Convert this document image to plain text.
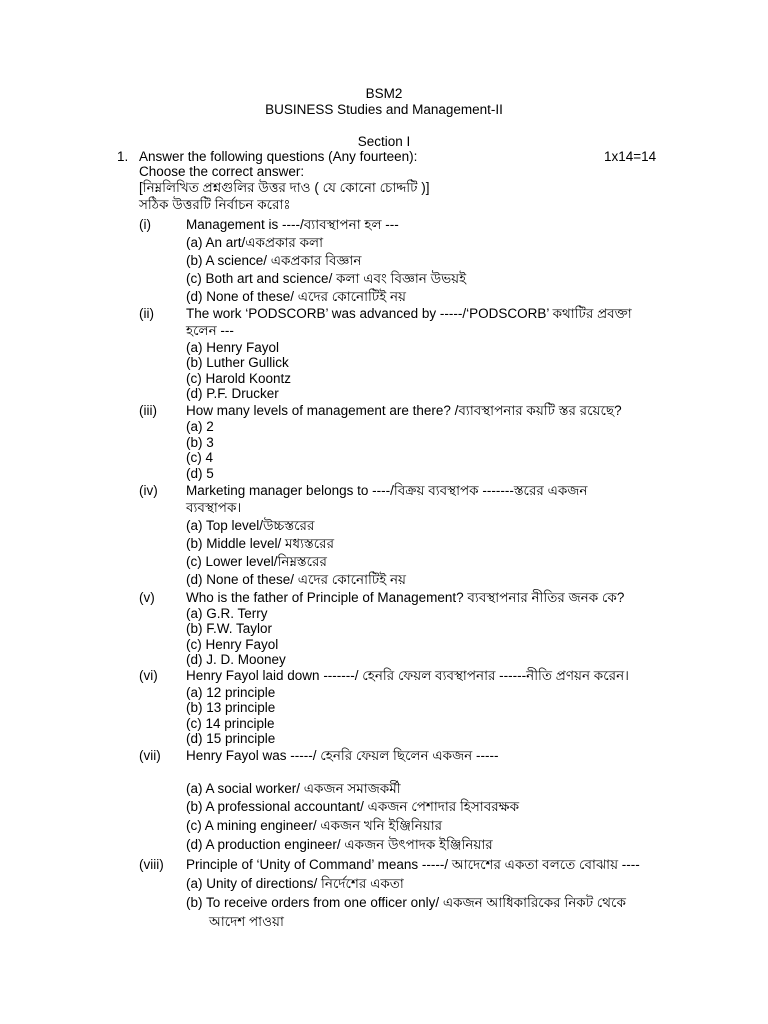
BSM2
BUSINESS Studies and Management-II
Section I
1. Answer the following questions (Any fourteen):	1x14=14
Choose the correct answer:
[নিম্নলিখিত প্রশ্নগুলির উত্তর দাও ( যে কোনো চোদ্দটি )]
সঠিক উত্তরটি নির্বাচন করোঃ
(i)	Management is ----/ব্যাবস্থাপনা হল ---
(a) An art/একপ্রকার কলা
(b) A science/ একপ্রকার বিজ্ঞান
(c) Both art and science/ কলা এবং বিজ্ঞান উভয়ই
(d) None of these/ এদের কোনোটিই নয়
(ii) The work ‘PODSCORB’ was advanced by -----/‘PODSCORB’ কথাটির প্রবক্তা
হলেন ---
(a) Henry Fayol
(b) Luther Gullick
(c) Harold Koontz
(d) P.F. Drucker
(iii) How many levels of management are there? /ব্যাবস্থাপনার কয়টি স্তর রয়েছে?
(a) 2
(b) 3
(c) 4
(d) 5
(iv) Marketing manager belongs to ----/বিক্রয় ব্যবস্থাপক -------স্তরের একজন
ব্যবস্থাপক।
(a) Top level/উচ্চস্তরের
(b) Middle level/ মধ্যস্তরের
(c) Lower level/নিম্নস্তরের
(d) None of these/ এদের কোনোটিই নয়
(v) Who is the father of Principle of Management? ব্যবস্থাপনার নীতির জনক কে?
(a) G.R. Terry
(b) F.W. Taylor
(c) Henry Fayol
(d) J. D. Mooney
(vi) Henry Fayol laid down -------/ হেনরি ফেয়ল ব্যবস্থাপনার ------নীতি প্রণয়ন করেন।
(a) 12 principle
(b) 13 principle
(c) 14 principle
(d) 15 principle
(vii) Henry Fayol was -----/ হেনরি ফেয়ল ছিলেন একজন -----
(a) A social worker/ একজন সমাজকর্মী
(b) A professional accountant/ একজন পেশাদার হিসাবরক্ষক
(c) A mining engineer/ একজন খনি ইঞ্জিনিয়ার
(d) A production engineer/ একজন উৎপাদক ইঞ্জিনিয়ার
(viii) Principle of ‘Unity of Command’ means -----/ আদেশের একতা বলতে বোঝায় ----
(a) Unity of directions/ নির্দেশের একতা
(b) To receive orders from one officer only/ একজন আধিকারিকের নিকট থেকে
আদেশ পাওয়া
